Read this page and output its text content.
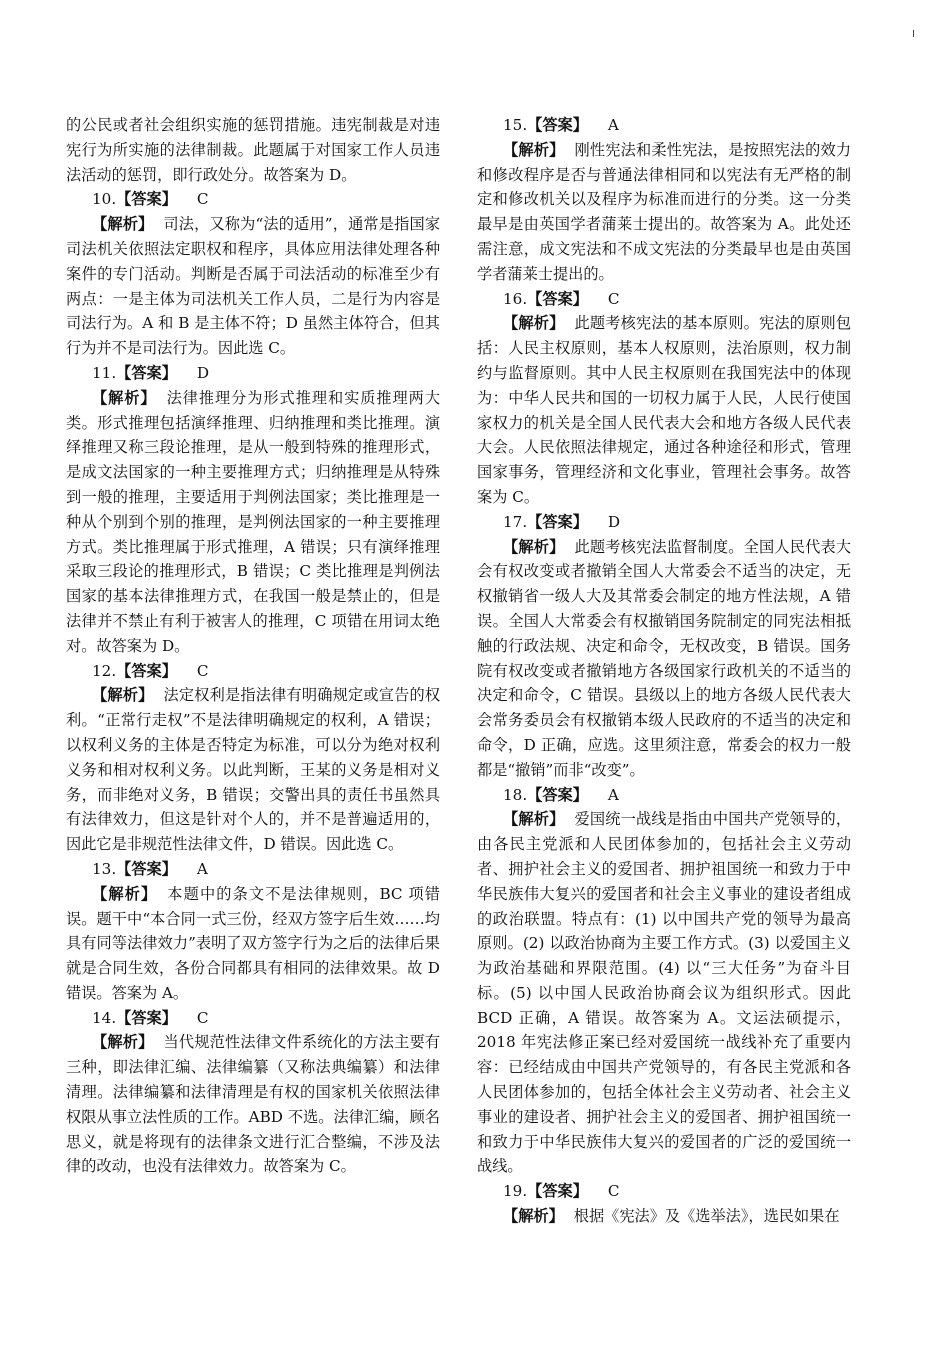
╷

的公民或者社会组织实施的惩罚措施。违宪制裁是对违宪行为所实施的法律制裁。此题属于对国家工作人员违法活动的惩罚，即行政处分。故答案为 D。

10.【答案】 C

【解析】 司法，又称为“法的适用”，通常是指国家司法机关依照法定职权和程序，具体应用法律处理各种案件的专门活动。判断是否属于司法活动的标准至少有两点：一是主体为司法机关工作人员，二是行为内容是司法行为。A 和 B 是主体不符；D 虽然主体符合，但其行为并不是司法行为。因此选 C。

11.【答案】 D

【解析】 法律推理分为形式推理和实质推理两大类。形式推理包括演绎推理、归纳推理和类比推理。演绎推理又称三段论推理，是从一般到特殊的推理形式，是成文法国家的一种主要推理方式；归纳推理是从特殊到一般的推理，主要适用于判例法国家；类比推理是一种从个别到个别的推理，是判例法国家的一种主要推理方式。类比推理属于形式推理，A 错误；只有演绎推理采取三段论的推理形式，B 错误；C 类比推理是判例法国家的基本法律推理方式，在我国一般是禁止的，但是法律并不禁止有利于被害人的推理，C 项错在用词太绝对。故答案为 D。

12.【答案】 C

【解析】 法定权利是指法律有明确规定或宣告的权利。“正常行走权”不是法律明确规定的权利，A 错误；以权利义务的主体是否特定为标准，可以分为绝对权利义务和相对权利义务。以此判断，王某的义务是相对义务，而非绝对义务，B 错误；交警出具的责任书虽然具有法律效力，但这是针对个人的，并不是普遍适用的，因此它是非规范性法律文件，D 错误。因此选 C。

13.【答案】 A

【解析】 本题中的条文不是法律规则，BC 项错误。题干中“本合同一式三份，经双方签字后生效……均具有同等法律效力”表明了双方签字行为之后的法律后果就是合同生效，各份合同都具有相同的法律效果。故 D 错误。答案为 A。

14.【答案】 C

【解析】 当代规范性法律文件系统化的方法主要有三种，即法律汇编、法律编纂（又称法典编纂）和法律清理。法律编纂和法律清理是有权的国家机关依照法律权限从事立法性质的工作。ABD 不选。法律汇编，顾名思义，就是将现有的法律条文进行汇合整编，不涉及法律的改动，也没有法律效力。故答案为 C。

15.【答案】 A

【解析】 刚性宪法和柔性宪法，是按照宪法的效力和修改程序是否与普通法律相同和以宪法有无严格的制定和修改机关以及程序为标准而进行的分类。这一分类最早是由英国学者蒲莱士提出的。故答案为 A。此处还需注意，成文宪法和不成文宪法的分类最早也是由英国学者蒲莱士提出的。

16.【答案】 C

【解析】 此题考核宪法的基本原则。宪法的原则包括：人民主权原则，基本人权原则，法治原则，权力制约与监督原则。其中人民主权原则在我国宪法中的体现为：中华人民共和国的一切权力属于人民，人民行使国家权力的机关是全国人民代表大会和地方各级人民代表大会。人民依照法律规定，通过各种途径和形式，管理国家事务，管理经济和文化事业，管理社会事务。故答案为 C。

17.【答案】 D

【解析】 此题考核宪法监督制度。全国人民代表大会有权改变或者撤销全国人大常委会不适当的决定，无权撤销省一级人大及其常委会制定的地方性法规，A 错误。全国人大常委会有权撤销国务院制定的同宪法相抵触的行政法规、决定和命令，无权改变，B 错误。国务院有权改变或者撤销地方各级国家行政机关的不适当的决定和命令，C 错误。县级以上的地方各级人民代表大会常务委员会有权撤销本级人民政府的不适当的决定和命令，D 正确，应选。这里须注意，常委会的权力一般都是“撤销”而非“改变”。

18.【答案】 A

【解析】 爱国统一战线是指由中国共产党领导的，由各民主党派和人民团体参加的，包括社会主义劳动者、拥护社会主义的爱国者、拥护祖国统一和致力于中华民族伟大复兴的爱国者和社会主义事业的建设者组成的政治联盟。特点有：(1) 以中国共产党的领导为最高原则。(2) 以政治协商为主要工作方式。(3) 以爱国主义为政治基础和界限范围。(4) 以“三大任务”为奋斗目标。(5) 以中国人民政治协商会议为组织形式。因此 BCD 正确，A 错误。故答案为 A。文运法硕提示，2018 年宪法修正案已经对爱国统一战线补充了重要内容：已经结成由中国共产党领导的，有各民主党派和各人民团体参加的，包括全体社会主义劳动者、社会主义事业的建设者、拥护社会主义的爱国者、拥护祖国统一和致力于中华民族伟大复兴的爱国者的广泛的爱国统一战线。

19.【答案】 C

【解析】 根据《宪法》及《选举法》，选民如果在
